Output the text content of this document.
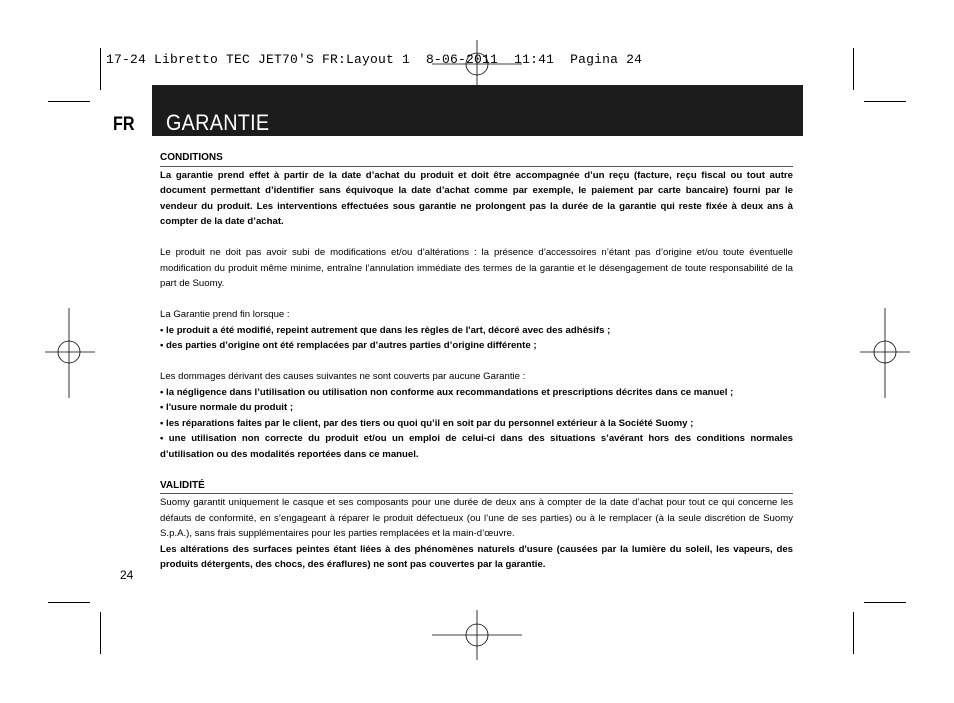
17-24 Libretto TEC JET70'S FR:Layout 1  8-06-2011  11:41  Pagina 24
FR GARANTIE
CONDITIONS

La garantie prend effet à partir de la date d’achat du produit et doit être accompagnée d’un reçu (facture, reçu fiscal ou tout autre document permettant d’identifier sans équivoque la date d’achat comme par exemple, le paiement par carte bancaire) fourni par le vendeur du produit. Les interventions effectuées sous garantie ne prolongent pas la durée de la garantie qui reste fixée à deux ans à compter de la date d’achat.

Le produit ne doit pas avoir subi de modifications et/ou d’altérations : la présence d’accessoires n’étant pas d’origine et/ou toute éventuelle modification du produit même minime, entraîne l’annulation immédiate des termes de la garantie et le désengagement de toute responsabilité de la part de Suomy.

La Garantie prend fin lorsque :

• le produit a été modifié, repeint autrement que dans les règles de l'art, décoré avec des adhésifs ;

• des parties d’origine ont été remplacées par d’autres parties d’origine différente ;

Les dommages dérivant des causes suivantes ne sont couverts par aucune Garantie :

• la négligence dans l’utilisation ou utilisation non conforme aux recommandations et prescriptions décrites dans ce manuel ;

• l'usure normale du produit ;

• les réparations faites par le client, par des tiers ou quoi qu’il en soit par du personnel extérieur à la Société Suomy ;

• une utilisation non correcte du produit et/ou un emploi de celui-ci dans des situations s’avérant hors des conditions normales d’utilisation ou des modalités reportées dans ce manuel.

VALIDITÉ

Suomy garantit uniquement le casque et ses composants pour une durée de deux ans à compter de la date d’achat pour tout ce qui concerne les défauts de conformité, en s’engageant à réparer le produit défectueux (ou l’une de ses parties) ou à le remplacer (à la seule discrétion de Suomy S.p.A.), sans frais supplémentaires pour les parties remplacées et la main-d’œuvre.

Les altérations des surfaces peintes étant liées à des phénomènes naturels d'usure (causées par la lumière du soleil, les vapeurs, des produits détergents, des chocs, des éraflures) ne sont pas couvertes par la garantie.

24
